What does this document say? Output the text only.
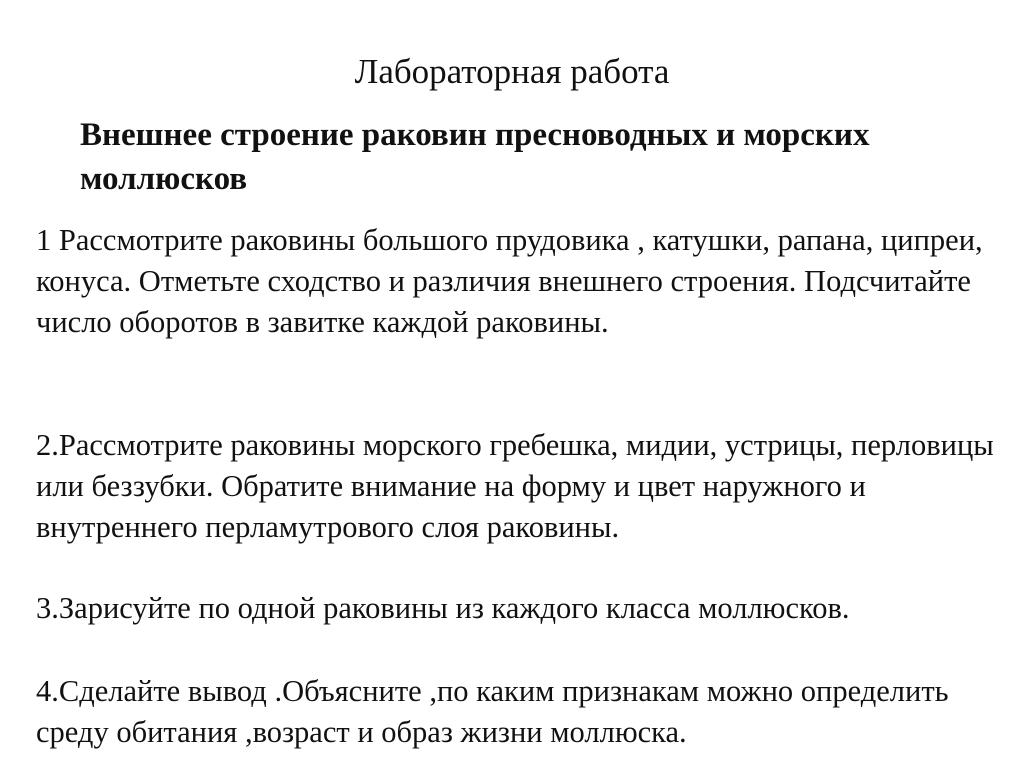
Лабораторная работа
Внешнее строение раковин пресноводных и морских моллюсков

1 Рассмотрите раковины большого прудовика , катушки, рапана, ципреи, конуса. Отметьте сходство и различия внешнего строения. Подсчитайте число оборотов в завитке каждой раковины.

2.Рассмотрите раковины морского гребешка, мидии, устрицы, перловицы или беззубки. Обратите внимание на форму и цвет наружного и внутреннего перламутрового слоя раковины.

3.Зарисуйте по одной раковины из каждого класса моллюсков.

4.Сделайте вывод .Объясните ,по каким признакам можно определить среду обитания ,возраст и образ жизни моллюска.
